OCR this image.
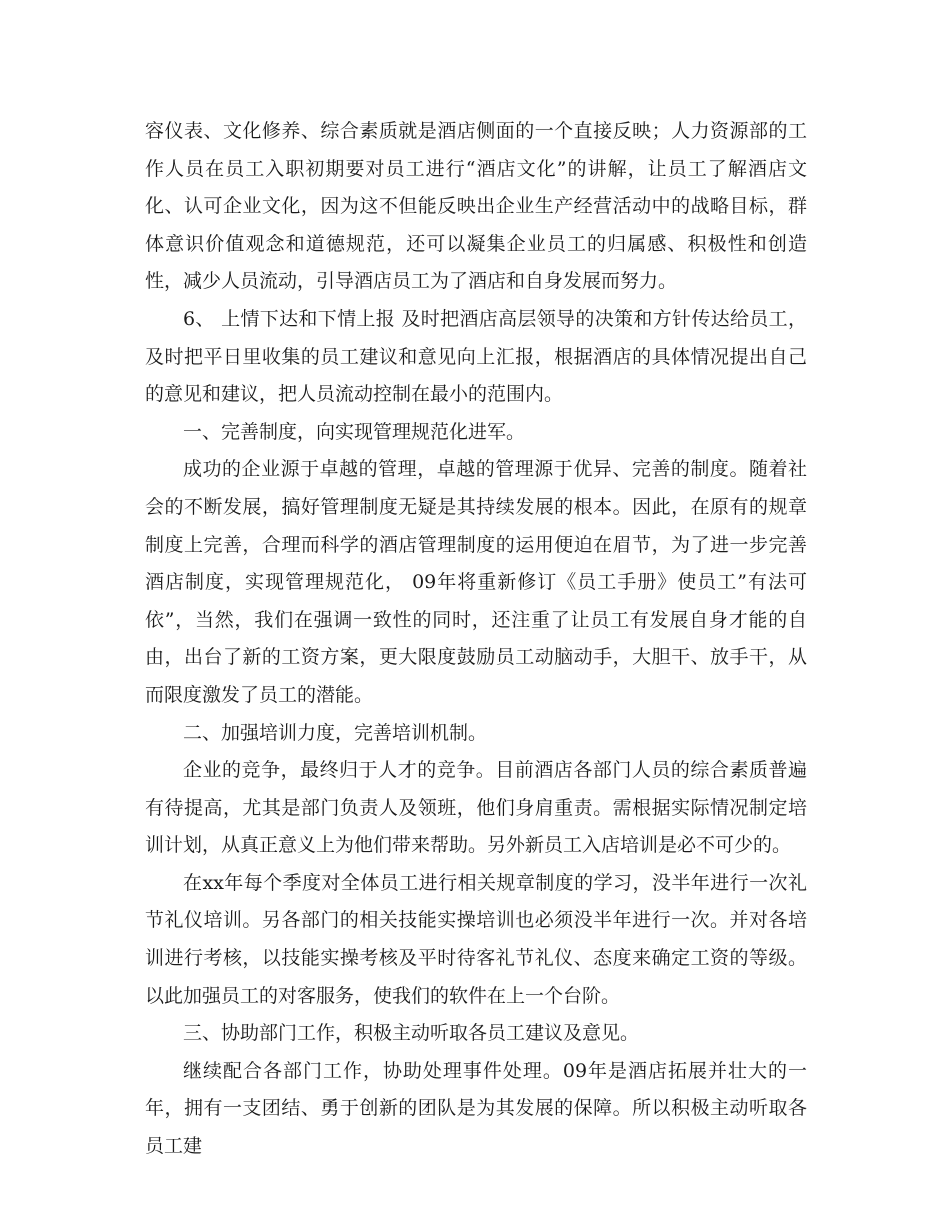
容仪表、文化修养、综合素质就是酒店侧面的一个直接反映；人力资源部的工作人员在员工入职初期要对员工进行“酒店文化”的讲解，让员工了解酒店文化、认可企业文化，因为这不但能反映出企业生产经营活动中的战略目标，群体意识价值观念和道德规范，还可以凝集企业员工的归属感、积极性和创造性，减少人员流动，引导酒店员工为了酒店和自身发展而努力。

6、 上情下达和下情上报 及时把酒店高层领导的决策和方针传达给员工，及时把平日里收集的员工建议和意见向上汇报，根据酒店的具体情况提出自己的意见和建议，把人员流动控制在最小的范围内。

一、完善制度，向实现管理规范化进军。

成功的企业源于卓越的管理，卓越的管理源于优异、完善的制度。随着社会的不断发展，搞好管理制度无疑是其持续发展的根本。因此，在原有的规章制度上完善，合理而科学的酒店管理制度的运用便迫在眉节，为了进一步完善酒店制度，实现管理规范化， 09年将重新修订《员工手册》使员工”有法可依”，当然，我们在强调一致性的同时，还注重了让员工有发展自身才能的自由，出台了新的工资方案，更大限度鼓励员工动脑动手，大胆干、放手干，从而限度激发了员工的潜能。

二、加强培训力度，完善培训机制。

企业的竞争，最终归于人才的竞争。目前酒店各部门人员的综合素质普遍有待提高，尤其是部门负责人及领班，他们身肩重责。需根据实际情况制定培训计划，从真正意义上为他们带来帮助。另外新员工入店培训是必不可少的。

在xx年每个季度对全体员工进行相关规章制度的学习，没半年进行一次礼节礼仪培训。另各部门的相关技能实操培训也必须没半年进行一次。并对各培训进行考核，以技能实操考核及平时待客礼节礼仪、态度来确定工资的等级。以此加强员工的对客服务，使我们的软件在上一个台阶。

三、协助部门工作，积极主动听取各员工建议及意见。

继续配合各部门工作，协助处理事件处理。09年是酒店拓展并壮大的一年，拥有一支团结、勇于创新的团队是为其发展的保障。所以积极主动听取各员工建
